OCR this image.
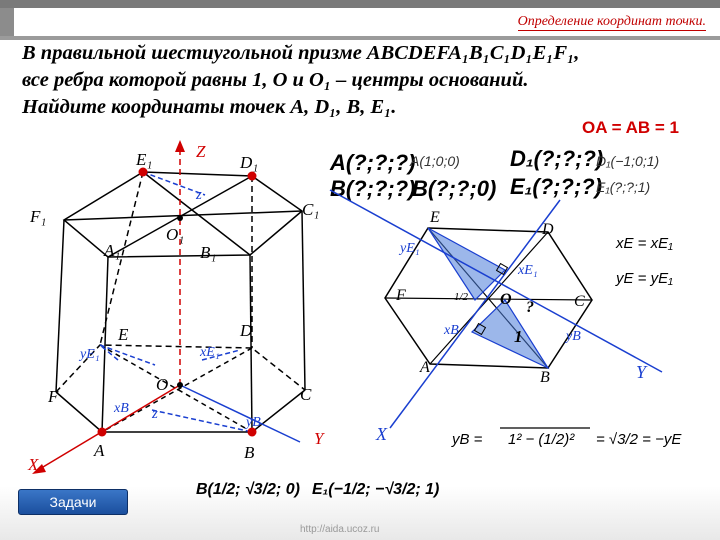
Определение координат точки.
В правильной шестиугольной призме ABCDEFA₁B₁C₁D₁E₁F₁,
все ребра которой равны 1, O и O₁ – центры оснований.
Найдите координаты точек A, D₁, B, E₁.
OA = AB = 1
E₁	Z
D₁
F₁	C₁
A₁
O₁
B₁
E	D
F
O
C
A	B
X
Y
z
z
yE₁	xE₁
xB
yB
A(?;?;?)
A(1;0;0) D₁(?;?;?)
D₁(−1;0;1)
B(?;?;?)
B(?;?;0) E₁(?;?;?)
E₁(?;?;1)
E
D
F	O	C
A
B
X
Y
yE₁
xE₁
xB	yB
1/2
1
?
xE = xE₁
yE = yE₁
yB = 1² − (1/2)² = √3/2 = −yE
B(1/2; √3/2; 0) E₁(−1/2; −√3/2; 1)
Задачи
http://aida.ucoz.ru
